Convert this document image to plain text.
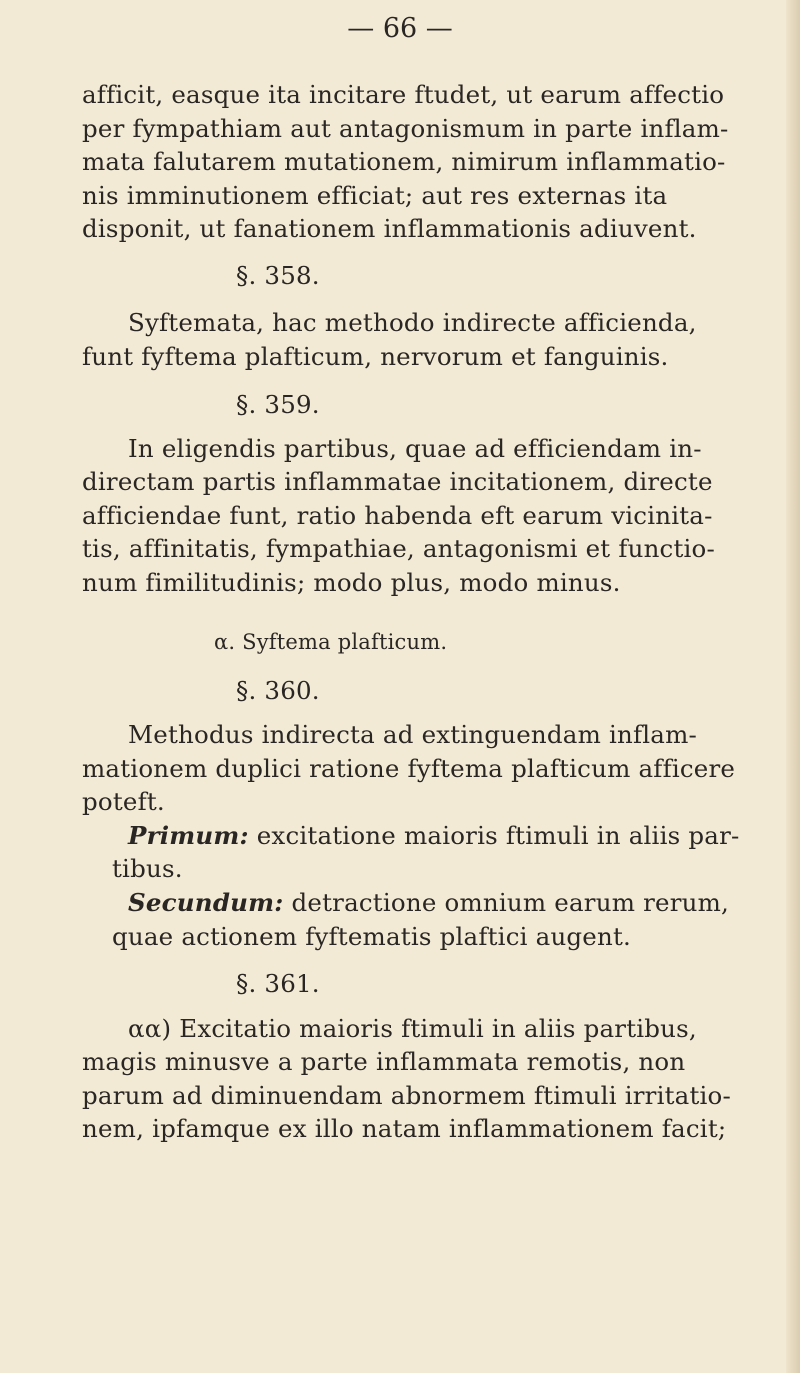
— 66 —
afficit, easque ita incitare ftudet, ut earum affectio
per fympathiam aut antagonismum in parte inflam-
mata falutarem mutationem, nimirum inflammatio-
nis imminutionem efficiat; aut res externas ita
disponit, ut fanationem inflammationis adiuvent.
§. 358.
Syftemata, hac methodo indirecte afficienda,
funt fyftema plafticum, nervorum et fanguinis.
§. 359.
In eligendis partibus, quae ad efficiendam in-
directam partis inflammatae incitationem, directe
afficiendae funt, ratio habenda eft earum vicinita-
tis, affinitatis, fympathiae, antagonismi et functio-
num fimilitudinis; modo plus, modo minus.
α. Syftema plafticum.
§. 360.
Methodus indirecta ad extinguendam inflam-
mationem duplici ratione fyftema plafticum afficere
poteft.
Primum: excitatione maioris ftimuli in aliis par-
tibus.
Secundum: detractione omnium earum rerum,
quae actionem fyftematis plaftici augent.
§. 361.
αα) Excitatio maioris ftimuli in aliis partibus,
magis minusve a parte inflammata remotis, non
parum ad diminuendam abnormem ftimuli irritatio-
nem, ipfamque ex illo natam inflammationem facit;
